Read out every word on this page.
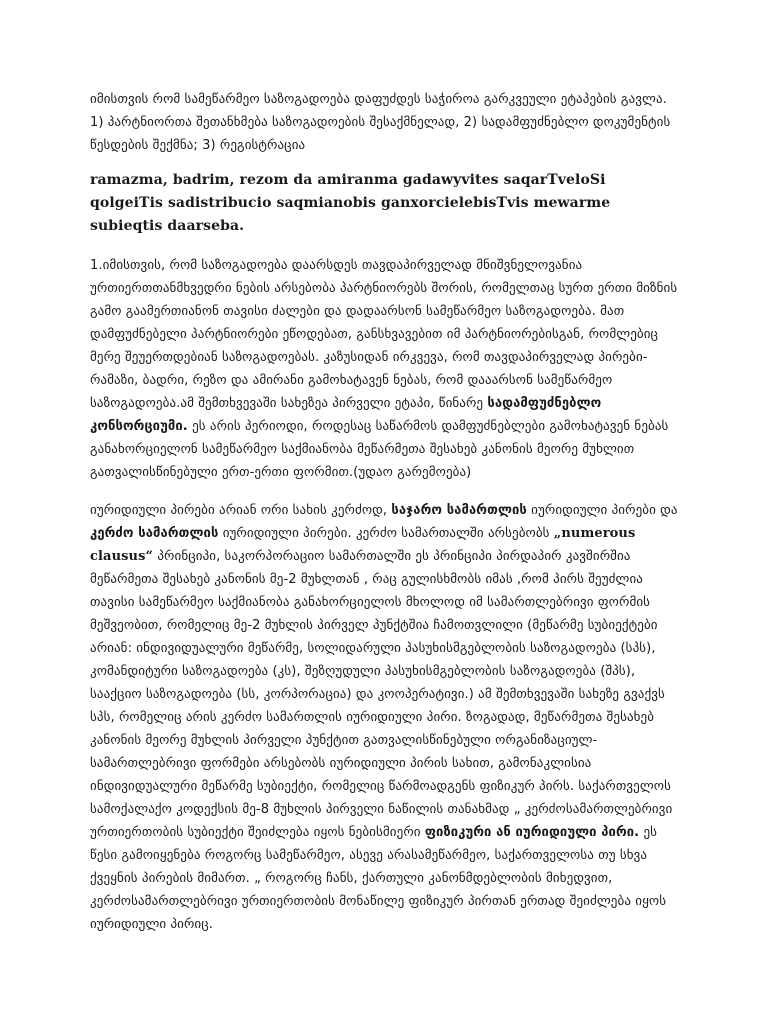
იმისთვის რომ სამეწარმეო საზოგადოება დაფუძდეს საჭიროა გარკვეული ეტაპების გავლა. 1) პარტნიორთა შეთანხმება საზოგადოების შესაქმნელად, 2) სადამფუძნებლო დოკუმენტის წესდების შექმნა; 3) რეგისტრაცია

ramazma, badrim, rezom da amiranma gadawyvites saqarTveloSi qolgeiTis sadistribucio saqmianobis ganxorcielebisTvis mewarme subieqtis daarseba.

1.იმისთვის, რომ საზოგადოება დაარსდეს თავდაპირველად მნიშვნელოვანია ურთიერთთანმხვედრი ნების არსებობა პარტნიორებს შორის, რომელთაც სურთ ერთი მიზნის გამო გაამერთიანონ თავისი ძალები და დადაარსონ სამეწარმეო საზოგადოება. მათ დამფუძნებელი პარტნიორები ეწოდებათ, განსხვავებით იმ პარტნიორებისგან, რომლებიც მერე შეუერთდებიან საზოგადოებას. კაზუსიდან ირკვევა, რომ თავდაპირველად პირები- რამაზი, ბადრი, რეზო და ამირანი გამოხატავენ ნებას, რომ დააარსონ სამეწარმეო საზოგადოება.ამ შემთხვევაში სახეზეა პირველი ეტაპი, წინარე სადამფუძნებლო კონსორციუმი. ეს არის პერიოდი, როდესაც საწარმოს დამფუძნებლები გამოხატავენ ნებას განახორციელონ სამეწარმეო საქმიანობა მეწარმეთა შესახებ კანონის მეორე მუხლით გათვალისწინებული ერთ-ერთი ფორმით.(უდაო გარემოება)

იურიდიული პირები არიან ორი სახის კერძოდ, საჯარო სამართლის იურიდიული პირები და კერძო სამართლის იურიდიული პირები. კერძო სამართალში არსებობს „numerous clausus“ პრინციპი, საკორპორაციო სამართალში ეს პრინციპი პირდაპირ კავშირშია მეწარმეთა შესახებ კანონის მე-2 მუხლთან , რაც გულისხმობს იმას ,რომ პირს შეუძლია თავისი სამეწარმეო საქმიანობა განახორციელოს მხოლოდ იმ სამართლებრივი ფორმის მეშვეობით, რომელიც მე-2 მუხლის პირველ პუნქტშია ჩამოთვლილი (მეწარმე სუბიექტები არიან: ინდივიდუალური მეწარმე, სოლიდარული პასუხისმგებლობის საზოგადოება (სპს), კომანდიტური საზოგადოება (კს), შეზღუდული პასუხისმგებლობის საზოგადოება (შპს), სააქციო საზოგადოება (სს, კორპორაცია) და კოოპერატივი.) ამ შემთხვევაში სახეზე გვაქვს სპს, რომელიც არის კერძო სამართლის იურიდიული პირი. ზოგადად, მეწარმეთა შესახებ კანონის მეორე მუხლის პირველი პუნქტით გათვალისწინებული ორგანიზაციულ-სამართლებრივი ფორმები არსებობს იურიდიული პირის სახით, გამონაკლისია ინდივიდუალური მეწარმე სუბიექტი, რომელიც წარმოადგენს ფიზიკურ პირს. საქართველოს სამოქალაქო კოდექსის მე-8 მუხლის პირველი ნაწილის თანახმად „ კერძოსამართლებრივი ურთიერთობის სუბიექტი შეიძლება იყოს ნებისმიერი ფიზიკური ან იურიდიული პირი. ეს წესი გამოიყენება როგორც სამეწარმეო, ასევე არასამეწარმეო, საქართველოსა თუ სხვა ქვეყნის პირების მიმართ. „ როგორც ჩანს, ქართული კანონმდებლობის მიხედვით, კერძოსამართლებრივი ურთიერთობის მონაწილე ფიზიკურ პირთან ერთად შეიძლება იყოს იურიდიული პირიც.
